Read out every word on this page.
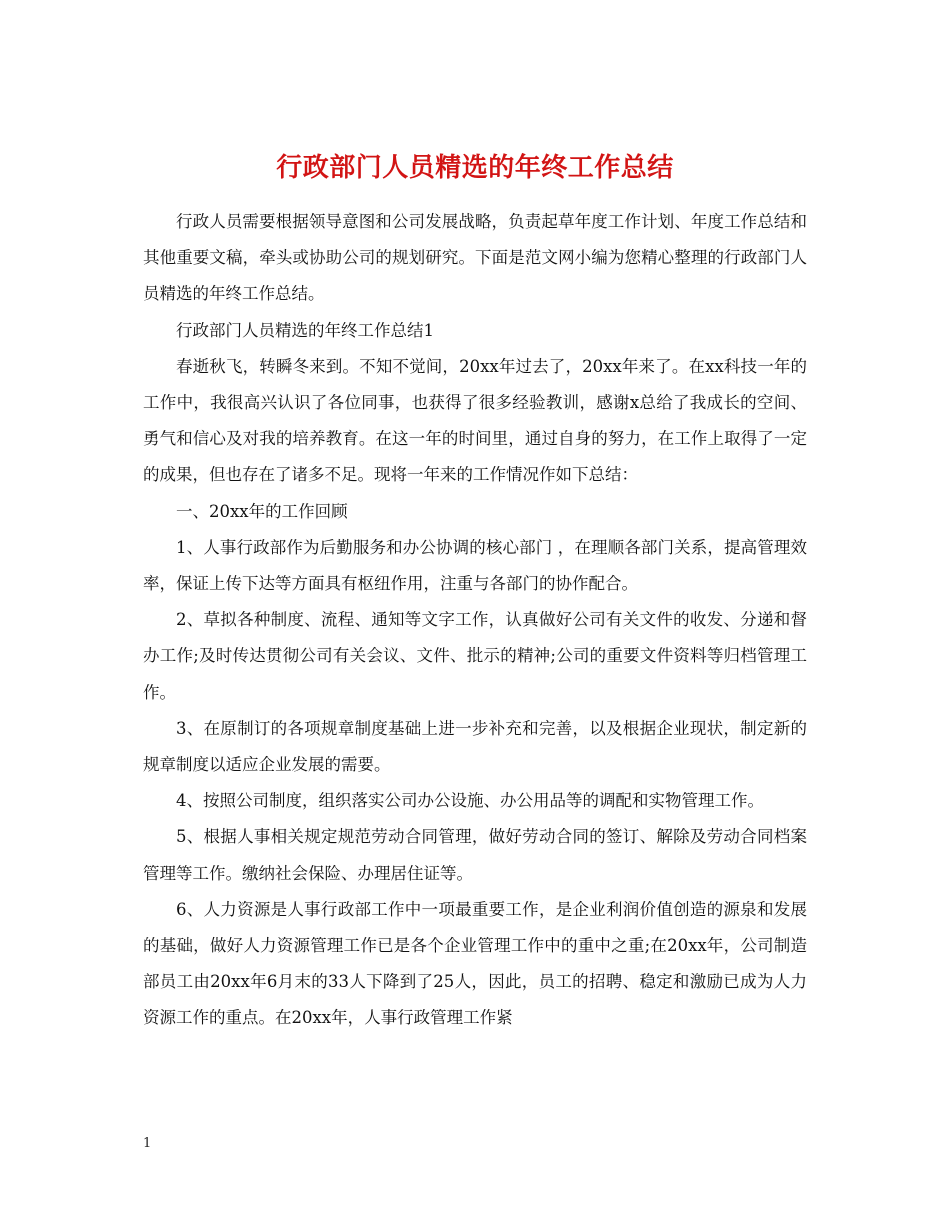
行政部门人员精选的年终工作总结

行政人员需要根据领导意图和公司发展战略，负责起草年度工作计划、年度工作总结和其他重要文稿，牵头或协助公司的规划研究。下面是范文网小编为您精心整理的行政部门人员精选的年终工作总结。

行政部门人员精选的年终工作总结1

春逝秋飞，转瞬冬来到。不知不觉间，20xx年过去了，20xx年来了。在xx科技一年的工作中，我很高兴认识了各位同事，也获得了很多经验教训，感谢x总给了我成长的空间、勇气和信心及对我的培养教育。在这一年的时间里，通过自身的努力，在工作上取得了一定的成果，但也存在了诸多不足。现将一年来的工作情况作如下总结：

一、20xx年的工作回顾

1、人事行政部作为后勤服务和办公协调的核心部门 ，在理顺各部门关系，提高管理效率，保证上传下达等方面具有枢纽作用，注重与各部门的协作配合。

2、草拟各种制度、流程、通知等文字工作，认真做好公司有关文件的收发、分递和督办工作;及时传达贯彻公司有关会议、文件、批示的精神;公司的重要文件资料等归档管理工作。

3、在原制订的各项规章制度基础上进一步补充和完善，以及根据企业现状，制定新的规章制度以适应企业发展的需要。

4、按照公司制度，组织落实公司办公设施、办公用品等的调配和实物管理工作。

5、根据人事相关规定规范劳动合同管理，做好劳动合同的签订、解除及劳动合同档案管理等工作。缴纳社会保险、办理居住证等。

6、人力资源是人事行政部工作中一项最重要工作，是企业利润价值创造的源泉和发展的基础，做好人力资源管理工作已是各个企业管理工作中的重中之重;在20xx年，公司制造部员工由20xx年6月末的33人下降到了25人，因此，员工的招聘、稳定和激励已成为人力资源工作的重点。在20xx年，人事行政管理工作紧

1
